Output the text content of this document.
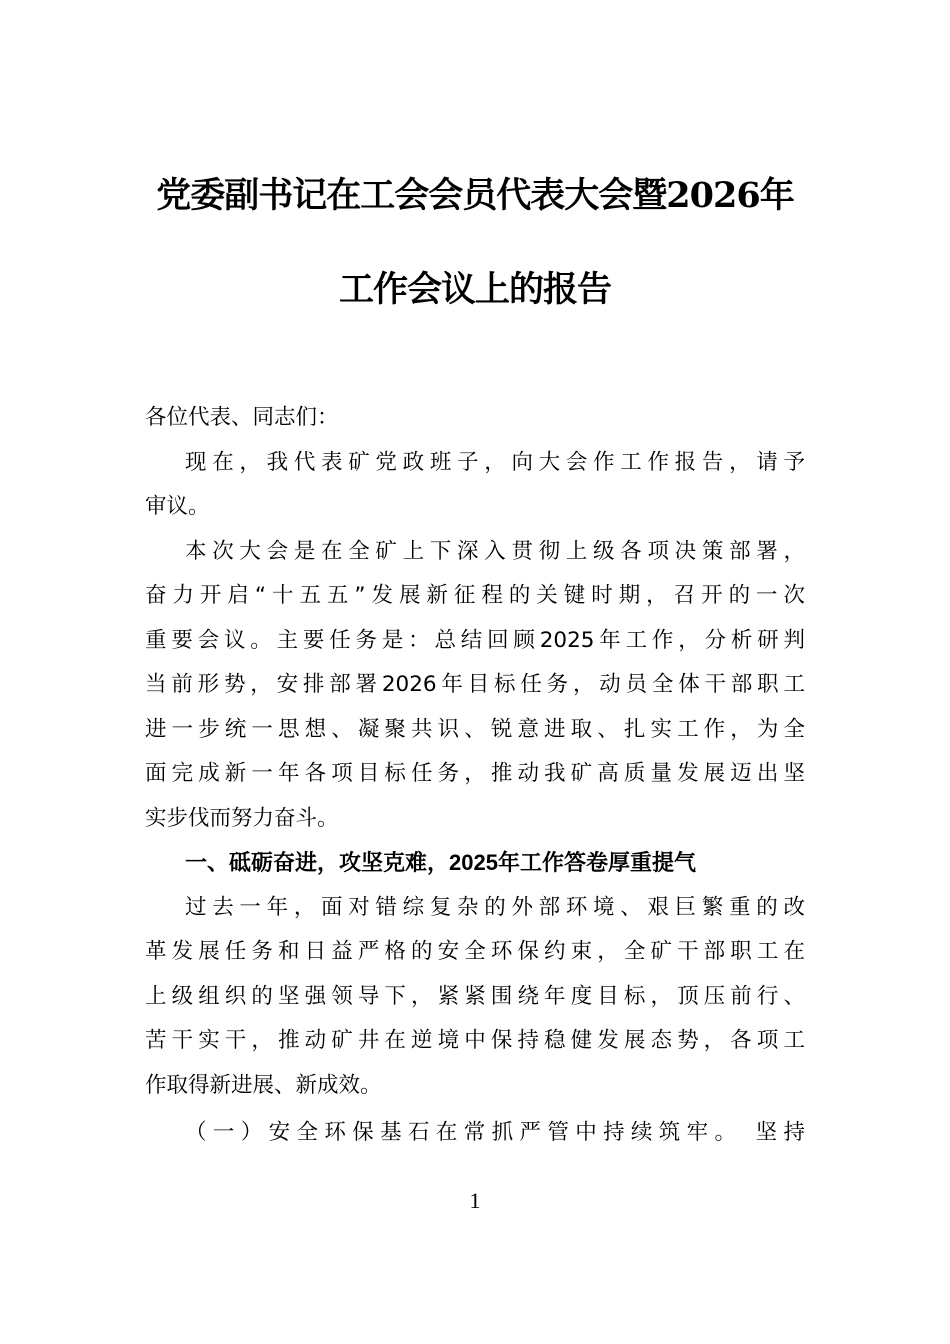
党委副书记在工会会员代表大会暨2026年
工作会议上的报告
各位代表、同志们：
现在，我代表矿党政班子，向大会作工作报告，请予
审议。
本次大会是在全矿上下深入贯彻上级各项决策部署，
奋力开启“十五五”发展新征程的关键时期，召开的一次
重要会议。主要任务是：总结回顾2025年工作，分析研判
当前形势，安排部署2026年目标任务，动员全体干部职工
进一步统一思想、凝聚共识、锐意进取、扎实工作，为全
面完成新一年各项目标任务，推动我矿高质量发展迈出坚
实步伐而努力奋斗。
一、砥砺奋进，攻坚克难，2025年工作答卷厚重提气
过去一年，面对错综复杂的外部环境、艰巨繁重的改
革发展任务和日益严格的安全环保约束，全矿干部职工在
上级组织的坚强领导下，紧紧围绕年度目标，顶压前行、
苦干实干，推动矿井在逆境中保持稳健发展态势，各项工
作取得新进展、新成效。
（一）安全环保基石在常抓严管中持续筑牢。 坚持
1
